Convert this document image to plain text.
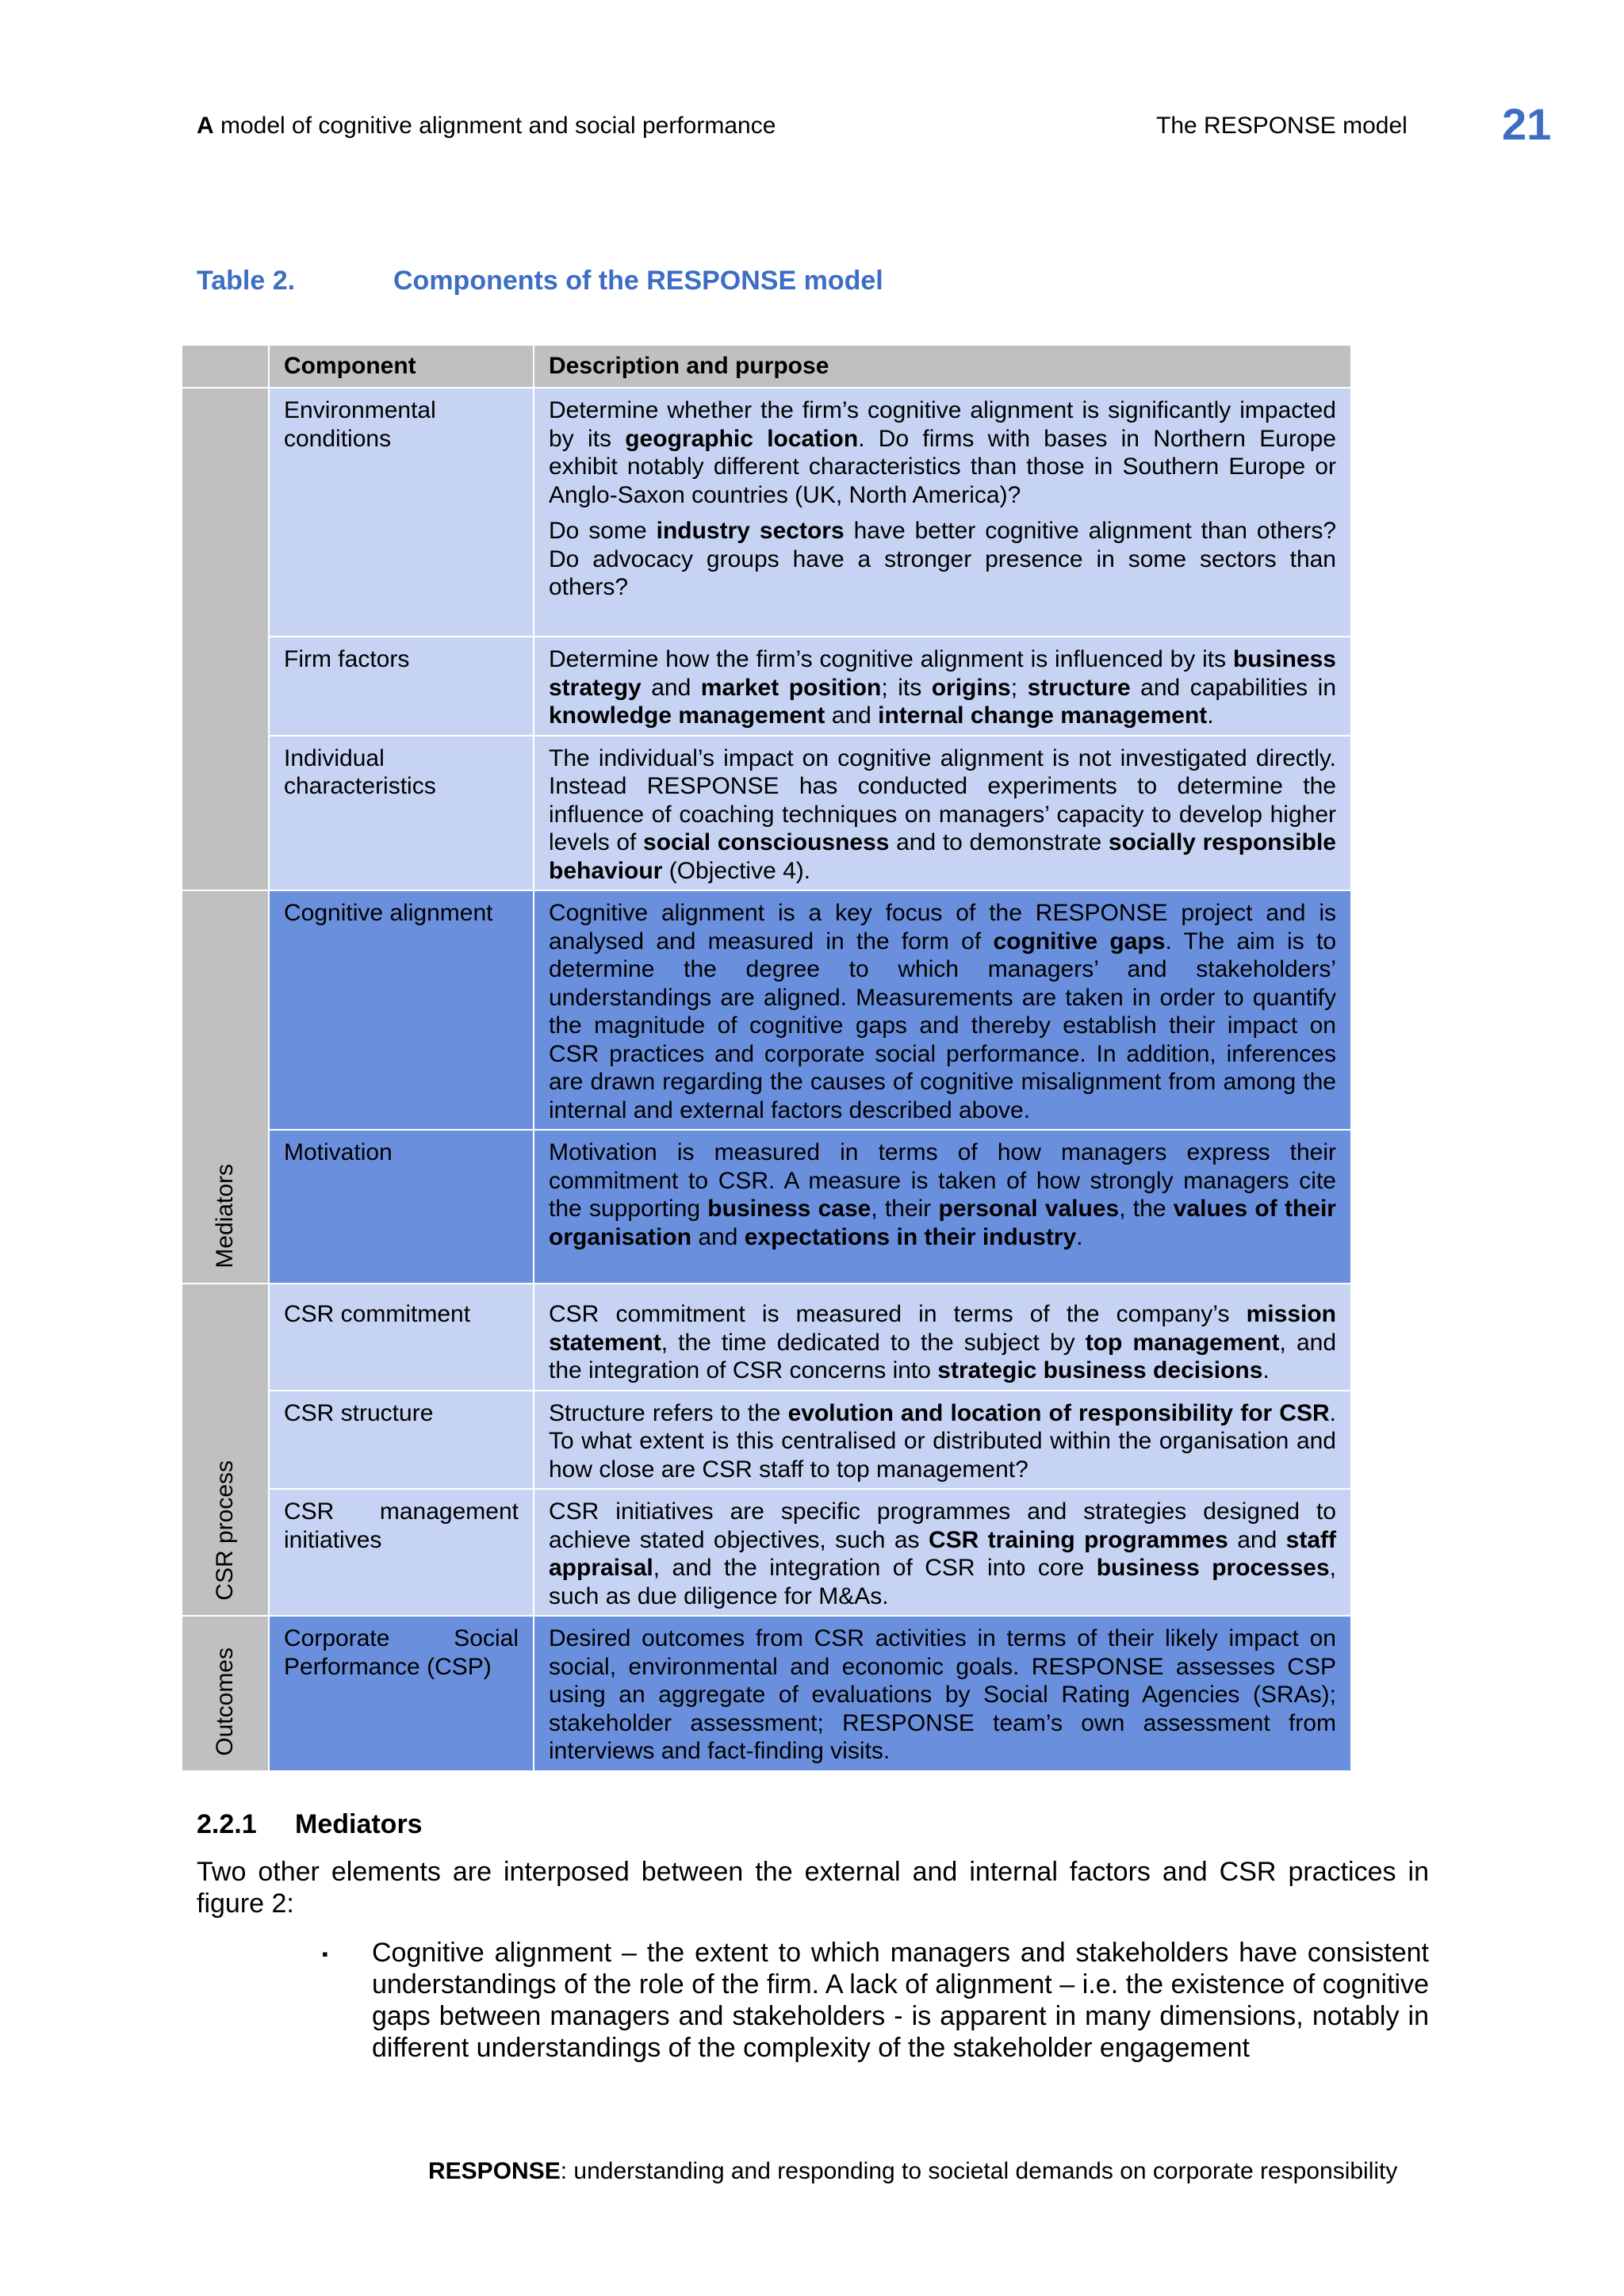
A model of cognitive alignment and social performance	The RESPONSE model 21
Table 2.	Components of the RESPONSE model
	Component	Description and purpose
	Environmental conditions	Determine whether the firm’s cognitive alignment is significantly impacted by its geographic location. Do firms with bases in Northern Europe exhibit notably different characteristics than those in Southern Europe or Anglo-Saxon countries (UK, North America)?

Do some industry sectors have better cognitive alignment than others? Do advocacy groups have a stronger presence in some sectors than others?

	Firm factors	Determine how the firm’s cognitive alignment is influenced by its business strategy and market position; its origins; structure and capabilities in knowledge management and internal change management.
	Individual characteristics	The individual’s impact on cognitive alignment is not investigated directly. Instead RESPONSE has conducted experiments to determine the influence of coaching techniques on managers’ capacity to develop higher levels of social consciousness and to demonstrate socially responsible behaviour (Objective 4).

Mediators	Cognitive alignment	Cognitive alignment is a key focus of the RESPONSE project and is analysed and measured in the form of cognitive gaps. The aim is to determine the degree to which managers’ and stakeholders’ understandings are aligned. Measurements are taken in order to quantify the magnitude of cognitive gaps and thereby establish their impact on CSR practices and corporate social performance. In addition, inferences are drawn regarding the causes of cognitive misalignment from among the internal and external factors described above.
	Motivation	Motivation is measured in terms of how managers express their commitment to CSR. A measure is taken of how strongly managers cite the supporting business case, their personal values, the values of their organisation and expectations in their industry.

CSR process	CSR commitment	CSR commitment is measured in terms of the company’s mission statement, the time dedicated to the subject by top management, and the integration of CSR concerns into strategic business decisions.
	CSR structure	Structure refers to the evolution and location of responsibility for CSR. To what extent is this centralised or distributed within the organisation and how close are CSR staff to top management?
	CSR management initiatives	CSR initiatives are specific programmes and strategies designed to achieve stated objectives, such as CSR training programmes and staff appraisal, and the integration of CSR into core business processes, such as due diligence for M&As.

Outcomes	Corporate Social Performance (CSP)	Desired outcomes from CSR activities in terms of their likely impact on social, environmental and economic goals. RESPONSE assesses CSP using an aggregate of evaluations by Social Rating Agencies (SRAs); stakeholder assessment; RESPONSE team’s own assessment from interviews and fact-finding visits.
2.2.1 Mediators
Two other elements are interposed between the external and internal factors and CSR practices in figure 2:
▪ Cognitive alignment – the extent to which managers and stakeholders have consistent understandings of the role of the firm. A lack of alignment – i.e. the existence of cognitive gaps between managers and stakeholders - is apparent in many dimensions, notably in different understandings of the complexity of the stakeholder engagement
RESPONSE: understanding and responding to societal demands on corporate responsibility
